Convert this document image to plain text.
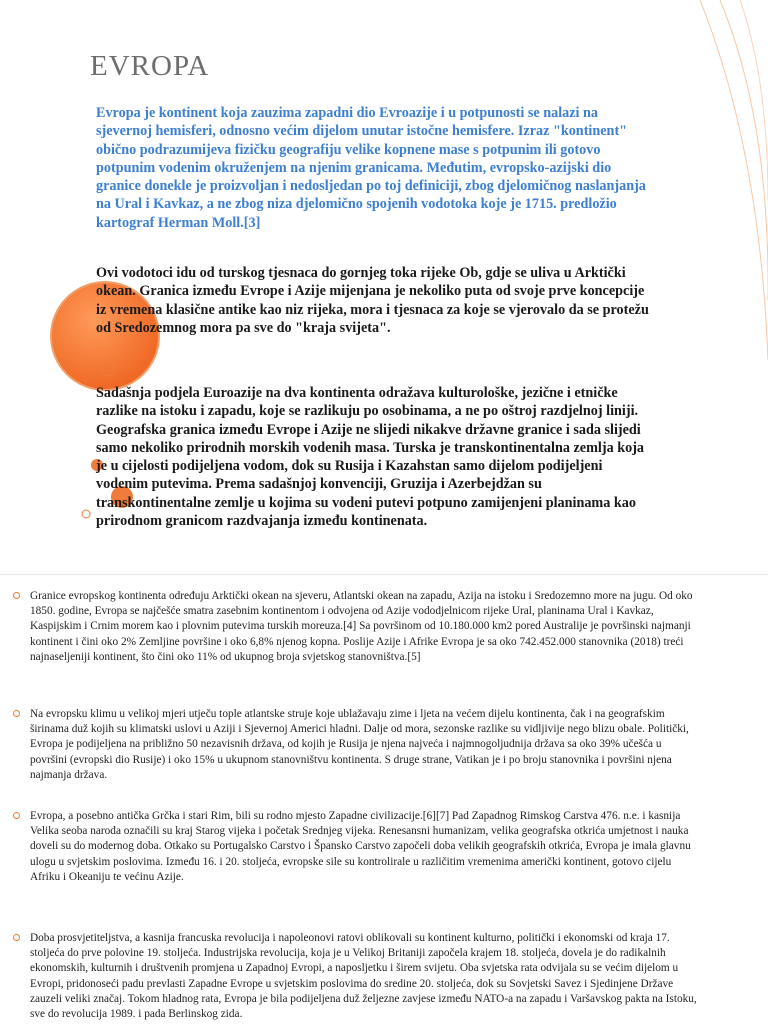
EVROPA

Evropa je kontinent koja zauzima zapadni dio Evroazije i u potpunosti se nalazi na sjevernoj hemisferi, odnosno većim dijelom unutar istočne hemisfere. Izraz "kontinent" obično podrazumijeva fizičku geografiju velike kopnene mase s potpunim ili gotovo potpunim vodenim okruženjem na njenim granicama. Međutim, evropsko-azijski dio granice donekle je proizvoljan i nedosljedan po toj definiciji, zbog djelomičnog naslanjanja na Ural i Kavkaz, a ne zbog niza djelomično spojenih vodotoka koje je 1715. predložio kartograf Herman Moll.[3]

Ovi vodotoci idu od turskog tjesnaca do gornjeg toka rijeke Ob, gdje se uliva u Arktički okean. Granica između Evrope i Azije mijenjana je nekoliko puta od svoje prve koncepcije iz vremena klasične antike kao niz rijeka, mora i tjesnaca za koje se vjerovalo da se protežu od Sredozemnog mora pa sve do "kraja svijeta".

Sadašnja podjela Euroazije na dva kontinenta odražava kulturološke, jezične i etničke razlike na istoku i zapadu, koje se razlikuju po osobinama, a ne po oštroj razdjelnoj liniji. Geografska granica između Evrope i Azije ne slijedi nikakve državne granice i sada slijedi samo nekoliko prirodnih morskih vodenih masa. Turska je transkontinentalna zemlja koja je u cijelosti podijeljena vodom, dok su Rusija i Kazahstan samo dijelom podijeljeni vodenim putevima. Prema sadašnjoj konvenciji, Gruzija i Azerbejdžan su transkontinentalne zemlje u kojima su vodeni putevi potpuno zamijenjeni planinama kao prirodnom granicom razdvajanja između kontinenata.

Granice evropskog kontinenta određuju Arktički okean na sjeveru, Atlantski okean na zapadu, Azija na istoku i Sredozemno more na jugu. Od oko 1850. godine, Evropa se najčešće smatra zasebnim kontinentom i odvojena od Azije vododjelnicom rijeke Ural, planinama Ural i Kavkaz, Kaspijskim i Crnim morem kao i plovnim putevima turskih moreuza.[4] Sa površinom od 10.180.000 km2 pored Australije je površinski najmanji kontinent i čini oko 2% Zemljine površine i oko 6,8% njenog kopna. Poslije Azije i Afrike Evropa je sa oko 742.452.000 stanovnika (2018) treći najnaseljeniji kontinent, što čini oko 11% od ukupnog broja svjetskog stanovništva.[5]
Na evropsku klimu u velikoj mjeri utječu tople atlantske struje koje ublažavaju zime i ljeta na većem dijelu kontinenta, čak i na geografskim širinama duž kojih su klimatski uslovi u Aziji i Sjevernoj Americi hladni. Dalje od mora, sezonske razlike su vidljivije nego blizu obale. Politički, Evropa je podijeljena na približno 50 nezavisnih država, od kojih je Rusija je njena najveća i najmnogoljudnija država sa oko 39% učešća u površini (evropski dio Rusije) i oko 15% u ukupnom stanovništvu kontinenta. S druge strane, Vatikan je i po broju stanovnika i površini njena najmanja država.
Evropa, a posebno antička Grčka i stari Rim, bili su rodno mjesto Zapadne civilizacije.[6][7] Pad Zapadnog Rimskog Carstva 476. n.e. i kasnija Velika seoba naroda označili su kraj Starog vijeka i početak Srednjeg vijeka. Renesansni humanizam, velika geografska otkrića umjetnost i nauka doveli su do modernog doba. Otkako su Portugalsko Carstvo i Špansko Carstvo započeli doba velikih geografskih otkrića, Evropa je imala glavnu ulogu u svjetskim poslovima. Između 16. i 20. stoljeća, evropske sile su kontrolirale u različitim vremenima američki kontinent, gotovo cijelu Afriku i Okeaniju te većinu Azije.
Doba prosvjetiteljstva, a kasnija francuska revolucija i napoleonovi ratovi oblikovali su kontinent kulturno, politički i ekonomski od kraja 17. stoljeća do prve polovine 19. stoljeća. Industrijska revolucija, koja je u Velikoj Britaniji započela krajem 18. stoljeća, dovela je do radikalnih ekonomskih, kulturnih i društvenih promjena u Zapadnoj Evropi, a naposljetku i širem svijetu. Oba svjetska rata odvijala su se većim dijelom u Evropi, pridonoseći padu prevlasti Zapadne Evrope u svjetskim poslovima do sredine 20. stoljeća, dok su Sovjetski Savez i Sjedinjene Države zauzeli veliki značaj. Tokom hladnog rata, Evropa je bila podijeljena duž željezne zavjese između NATO-a na zapadu i Varšavskog pakta na Istoku, sve do revolucija 1989. i pada Berlinskog zida.
